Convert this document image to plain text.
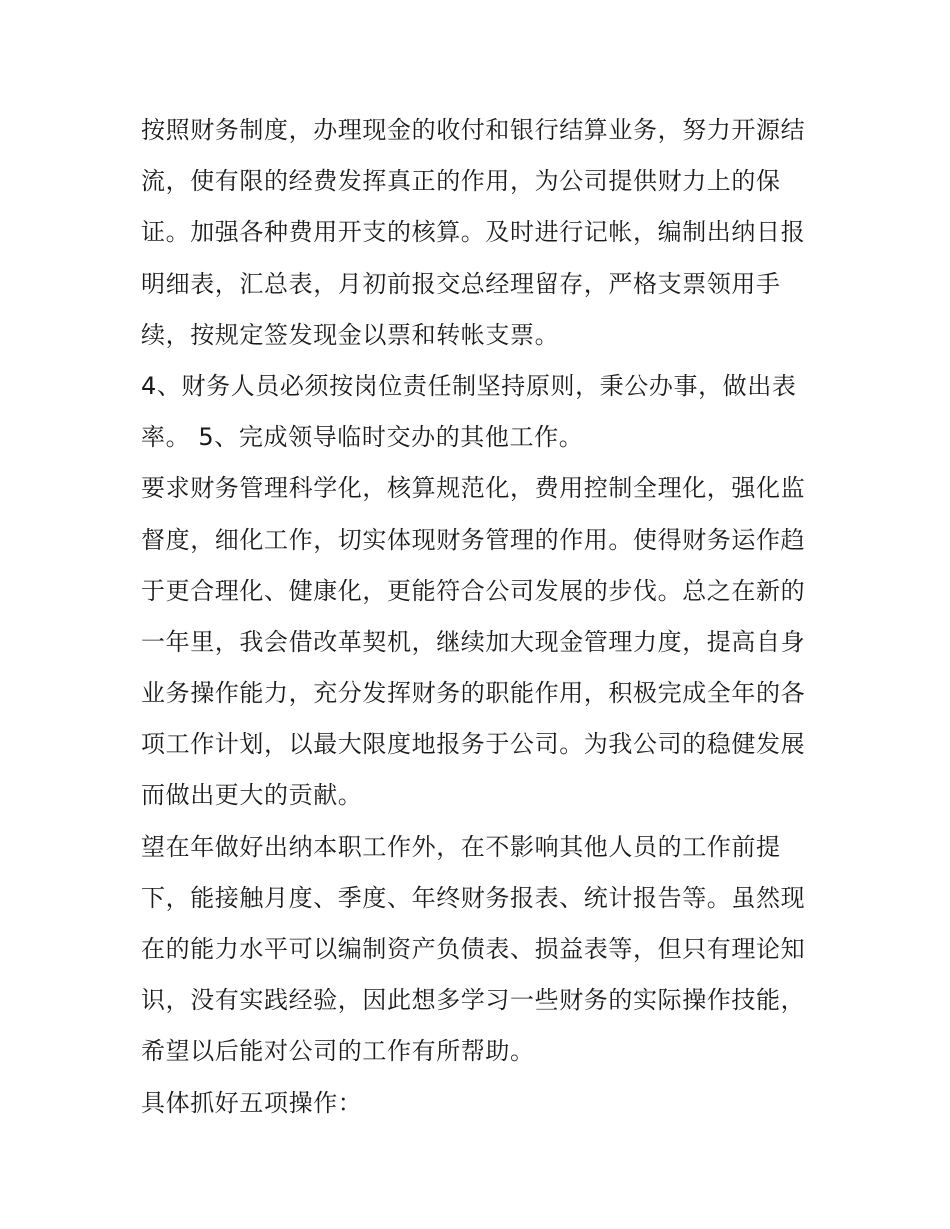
按照财务制度，办理现金的收付和银行结算业务，努力开源结
流，使有限的经费发挥真正的作用，为公司提供财力上的保
证。加强各种费用开支的核算。及时进行记帐，编制出纳日报
明细表，汇总表，月初前报交总经理留存，严格支票领用手
续，按规定签发现金以票和转帐支票。
4、财务人员必须按岗位责任制坚持原则，秉公办事，做出表
率。 5、完成领导临时交办的其他工作。
要求财务管理科学化，核算规范化，费用控制全理化，强化监
督度，细化工作，切实体现财务管理的作用。使得财务运作趋
于更合理化、健康化，更能符合公司发展的步伐。总之在新的
一年里，我会借改革契机，继续加大现金管理力度，提高自身
业务操作能力，充分发挥财务的职能作用，积极完成全年的各
项工作计划，以最大限度地报务于公司。为我公司的稳健发展
而做出更大的贡献。
望在年做好出纳本职工作外，在不影响其他人员的工作前提
下，能接触月度、季度、年终财务报表、统计报告等。虽然现
在的能力水平可以编制资产负债表、损益表等，但只有理论知
识，没有实践经验，因此想多学习一些财务的实际操作技能，
希望以后能对公司的工作有所帮助。
具体抓好五项操作：
